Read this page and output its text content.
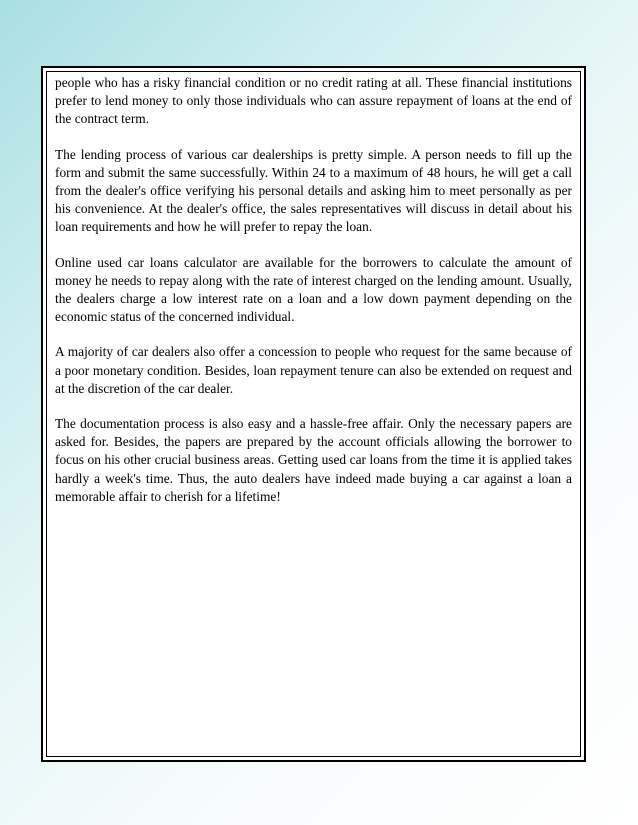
people who has a risky financial condition or no credit rating at all. These financial institutions prefer to lend money to only those individuals who can assure repayment of loans at the end of the contract term.

The lending process of various car dealerships is pretty simple. A person needs to fill up the form and submit the same successfully. Within 24 to a maximum of 48 hours, he will get a call from the dealer's office verifying his personal details and asking him to meet personally as per his convenience. At the dealer's office, the sales representatives will discuss in detail about his loan requirements and how he will prefer to repay the loan.

Online used car loans calculator are available for the borrowers to calculate the amount of money he needs to repay along with the rate of interest charged on the lending amount. Usually, the dealers charge a low interest rate on a loan and a low down payment depending on the economic status of the concerned individual.

A majority of car dealers also offer a concession to people who request for the same because of a poor monetary condition. Besides, loan repayment tenure can also be extended on request and at the discretion of the car dealer.

The documentation process is also easy and a hassle-free affair. Only the necessary papers are asked for. Besides, the papers are prepared by the account officials allowing the borrower to focus on his other crucial business areas. Getting used car loans from the time it is applied takes hardly a week's time. Thus, the auto dealers have indeed made buying a car against a loan a memorable affair to cherish for a lifetime!
